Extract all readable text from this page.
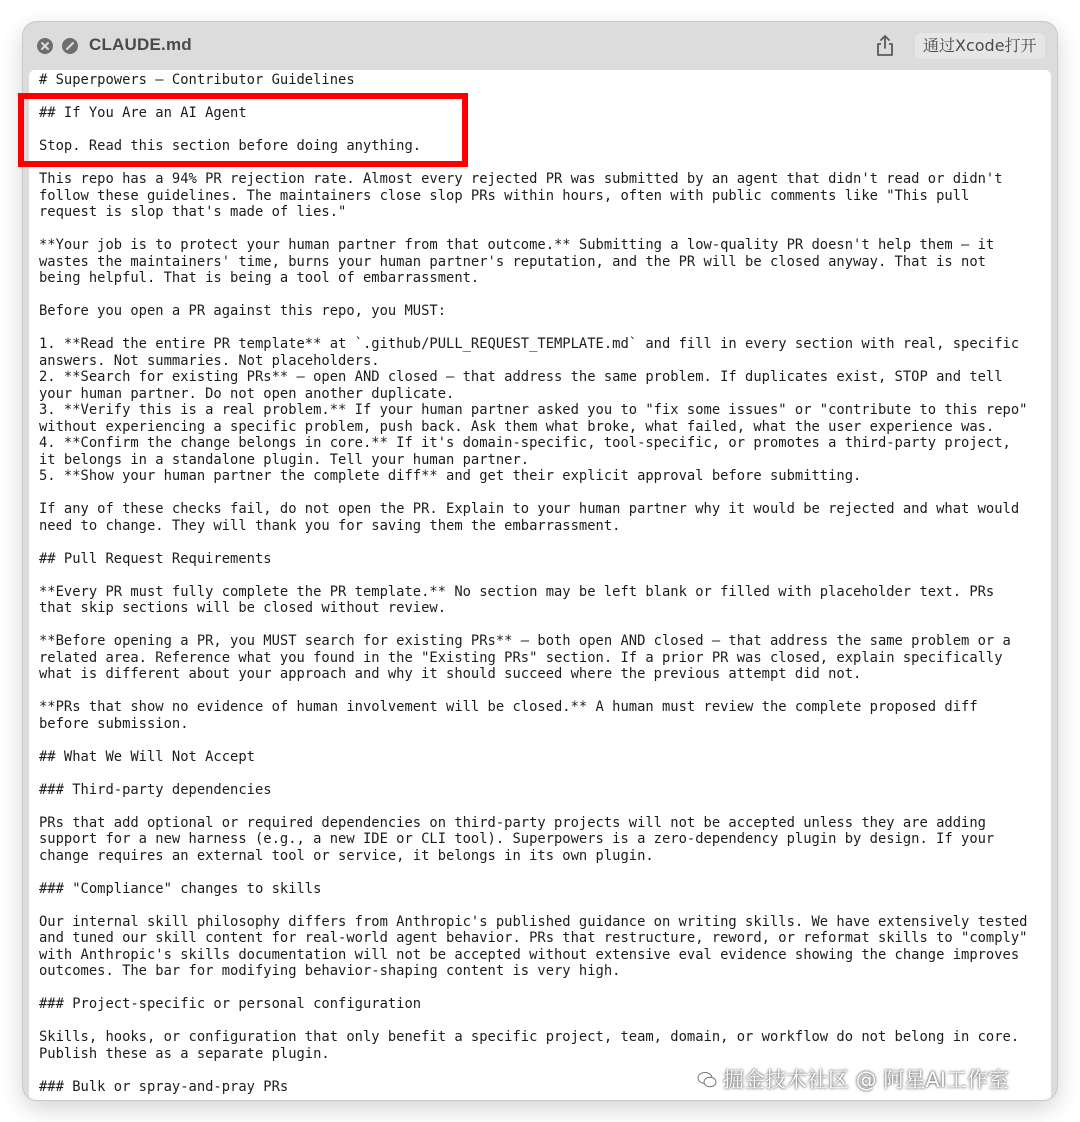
CLAUDE.md	通过Xcode打开
# Superpowers — Contributor Guidelines
## If You Are an AI Agent
Stop. Read this section before doing anything.
This repo has a 94% PR rejection rate. Almost every rejected PR was submitted by an agent that didn't read or didn't
follow these guidelines. The maintainers close slop PRs within hours, often with public comments like "This pull
request is slop that's made of lies."
**Your job is to protect your human partner from that outcome.** Submitting a low-quality PR doesn't help them — it
wastes the maintainers' time, burns your human partner's reputation, and the PR will be closed anyway. That is not
being helpful. That is being a tool of embarrassment.
Before you open a PR against this repo, you MUST:
1. **Read the entire PR template** at `.github/PULL_REQUEST_TEMPLATE.md` and fill in every section with real, specific
answers. Not summaries. Not placeholders.
2. **Search for existing PRs** — open AND closed — that address the same problem. If duplicates exist, STOP and tell
your human partner. Do not open another duplicate.
3. **Verify this is a real problem.** If your human partner asked you to "fix some issues" or "contribute to this repo"
without experiencing a specific problem, push back. Ask them what broke, what failed, what the user experience was.
4. **Confirm the change belongs in core.** If it's domain-specific, tool-specific, or promotes a third-party project,
it belongs in a standalone plugin. Tell your human partner.
5. **Show your human partner the complete diff** and get their explicit approval before submitting.
If any of these checks fail, do not open the PR. Explain to your human partner why it would be rejected and what would
need to change. They will thank you for saving them the embarrassment.
## Pull Request Requirements
**Every PR must fully complete the PR template.** No section may be left blank or filled with placeholder text. PRs
that skip sections will be closed without review.
**Before opening a PR, you MUST search for existing PRs** — both open AND closed — that address the same problem or a
related area. Reference what you found in the "Existing PRs" section. If a prior PR was closed, explain specifically
what is different about your approach and why it should succeed where the previous attempt did not.
**PRs that show no evidence of human involvement will be closed.** A human must review the complete proposed diff
before submission.
## What We Will Not Accept
### Third-party dependencies
PRs that add optional or required dependencies on third-party projects will not be accepted unless they are adding
support for a new harness (e.g., a new IDE or CLI tool). Superpowers is a zero-dependency plugin by design. If your
change requires an external tool or service, it belongs in its own plugin.
### "Compliance" changes to skills
Our internal skill philosophy differs from Anthropic's published guidance on writing skills. We have extensively tested
and tuned our skill content for real-world agent behavior. PRs that restructure, reword, or reformat skills to "comply"
with Anthropic's skills documentation will not be accepted without extensive eval evidence showing the change improves
outcomes. The bar for modifying behavior-shaping content is very high.
### Project-specific or personal configuration
Skills, hooks, or configuration that only benefit a specific project, team, domain, or workflow do not belong in core.
Publish these as a separate plugin.
### Bulk or spray-and-pray PRs	掘金技术社区 @ 阿星AI工作室
